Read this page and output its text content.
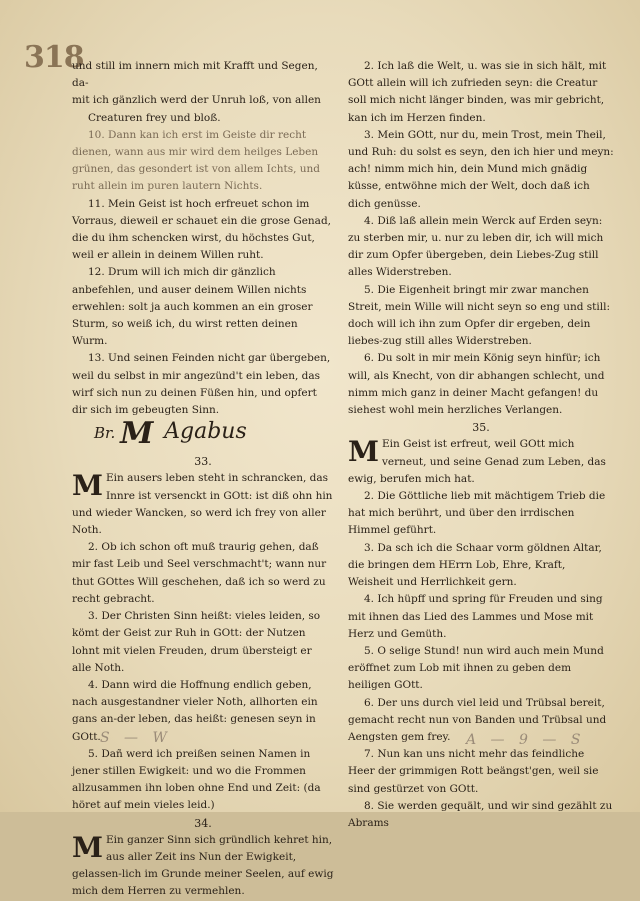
318

und still im innern mich mit Krafft und Segen, da-

mit ich gänzlich werd der Unruh loß, von allen

Creaturen frey und bloß.

10. Dann kan ich erst im Geiste dir recht dienen, wann aus mir wird dem heilges Leben grünen, das gesondert ist von allem Ichts, und ruht allein im puren lautern Nichts.

11. Mein Geist ist hoch erfreuet schon im Vorraus, dieweil er schauet ein die grose Genad, die du ihm schencken wirst, du höchstes Gut, weil er allein in deinem Willen ruht.

12. Drum will ich mich dir gänzlich anbefehlen, und auser deinem Willen nichts erwehlen: solt ja auch kommen an ein groser Sturm, so weiß ich, du wirst retten deinen Wurm.

13. Und seinen Feinden nicht gar übergeben, weil du selbst in mir angezünd't ein leben, das wirf sich nun zu deinen Füßen hin, und opfert dir sich im gebeugten Sinn.

Br. M Agabus

33.

M Ein ausers leben steht in schrancken, das Innre ist versenckt in GOtt: ist diß ohn hin und wieder Wancken, so werd ich frey von aller Noth.

2. Ob ich schon oft muß traurig gehen, daß mir fast Leib und Seel verschmacht't; wann nur thut GOttes Will geschehen, daß ich so werd zu recht gebracht.

3. Der Christen Sinn heißt: vieles leiden, so kömt der Geist zur Ruh in GOtt: der Nutzen lohnt mit vielen Freuden, drum übersteigt er alle Noth.

4. Dann wird die Hoffnung endlich geben, nach ausgestandner vieler Noth, allhorten ein gans an-der leben, das heißt: genesen seyn in GOtt.

5. Dañ werd ich preißen seinen Namen in jener stillen Ewigkeit: und wo die Frommen allzusammen ihn loben ohne End und Zeit: (da höret auf mein vieles leid.)

34.

M Ein ganzer Sinn sich gründlich kehret hin, aus aller Zeit ins Nun der Ewigkeit, gelassen-lich im Grunde meiner Seelen, auf ewig mich dem Herren zu vermehlen.

2. Ich laß die Welt, u. was sie in sich hält, mit GOtt allein will ich zufrieden seyn: die Creatur soll mich nicht länger binden, was mir gebricht, kan ich im Herzen finden.

3. Mein GOtt, nur du, mein Trost, mein Theil, und Ruh: du solst es seyn, den ich hier und meyn: ach! nimm mich hin, dein Mund mich gnädig küsse, entwöhne mich der Welt, doch daß ich dich genüsse.

4. Diß laß allein mein Werck auf Erden seyn: zu sterben mir, u. nur zu leben dir, ich will mich dir zum Opfer übergeben, dein Liebes-Zug still alles Widerstreben.

5. Die Eigenheit bringt mir zwar manchen Streit, mein Wille will nicht seyn so eng und still: doch will ich ihn zum Opfer dir ergeben, dein liebes-zug still alles Widerstreben.

6. Du solt in mir mein König seyn hinfür; ich will, als Knecht, von dir abhangen schlecht, und nimm mich ganz in deiner Macht gefangen! du siehest wohl mein herzliches Verlangen.

35.

M Ein Geist ist erfreut, weil GOtt mich verneut, und seine Genad zum Leben, das ewig, berufen mich hat.

2. Die Göttliche lieb mit mächtigem Trieb die hat mich berührt, und über den irrdischen Himmel geführt.

3. Da sch ich die Schaar vorm göldnen Altar, die bringen dem HErrn Lob, Ehre, Kraft, Weisheit und Herrlichkeit gern.

4. Ich hüpff und spring für Freuden und sing mit ihnen das Lied des Lammes und Mose mit Herz und Gemüth.

5. O selige Stund! nun wird auch mein Mund eröffnet zum Lob mit ihnen zu geben dem heiligen GOtt.

6. Der uns durch viel leid und Trübsal bereit, gemacht recht nun von Banden und Trübsal und Aengsten gem frey.

7. Nun kan uns nicht mehr das feindliche Heer der grimmigen Rott beängst'gen, weil sie sind gestürzet von GOtt.

8. Sie werden gequält, und wir sind gezählt zu Abrams

S — W	A — 9 — S
